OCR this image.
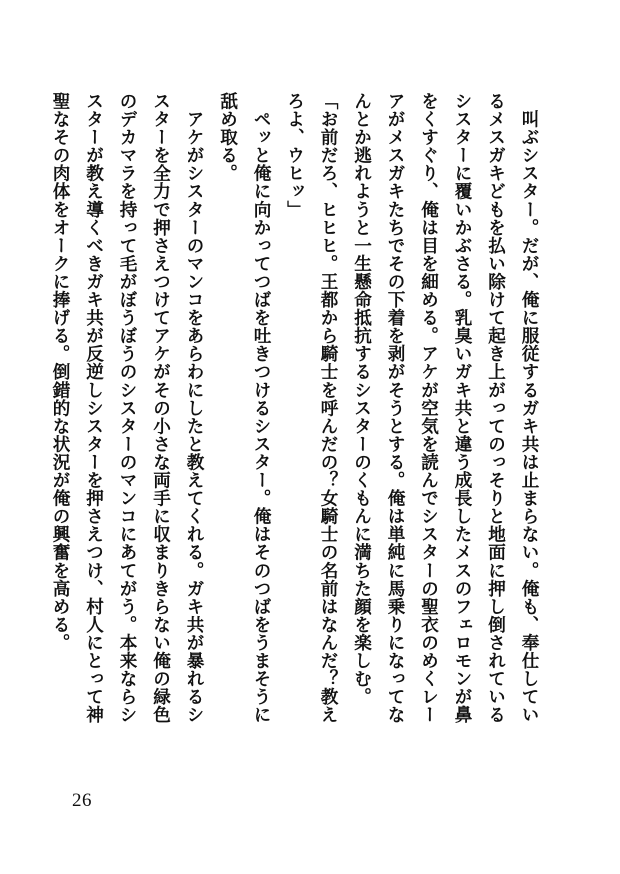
　叫ぶシスター。だが、俺に服従するガキ共は止まらない。俺も、奉仕してい

るメスガキどもを払い除けて起き上がってのっそりと地面に押し倒されている

シスターに覆いかぶさる。乳臭いガキ共と違う成長したメスのフェロモンが鼻

をくすぐり、俺は目を細める。アケが空気を読んでシスターの聖衣のめくレー

アがメスガキたちでその下着を剥がそうとする。俺は単純に馬乗りになってな

んとか逃れようと一生懸命抵抗するシスターのくもんに満ちた顔を楽しむ。

「お前だろ、ヒヒヒ。王都から騎士を呼んだの？女騎士の名前はなんだ？教え

ろよ、ウヒッ」

　ペッと俺に向かってつばを吐きつけるシスター。俺はそのつばをうまそうに

舐め取る。

　アケがシスターのマンコをあらわにしたと教えてくれる。ガキ共が暴れるシ

スターを全力で押さえつけてアケがその小さな両手に収まりきらない俺の緑色

のデカマラを持って毛がぼうぼうのシスターのマンコにあてがう。本来ならシ

スターが教え導くべきガキ共が反逆しシスターを押さえつけ、村人にとって神

聖なその肉体をオークに捧げる。倒錯的な状況が俺の興奮を高める。

26
